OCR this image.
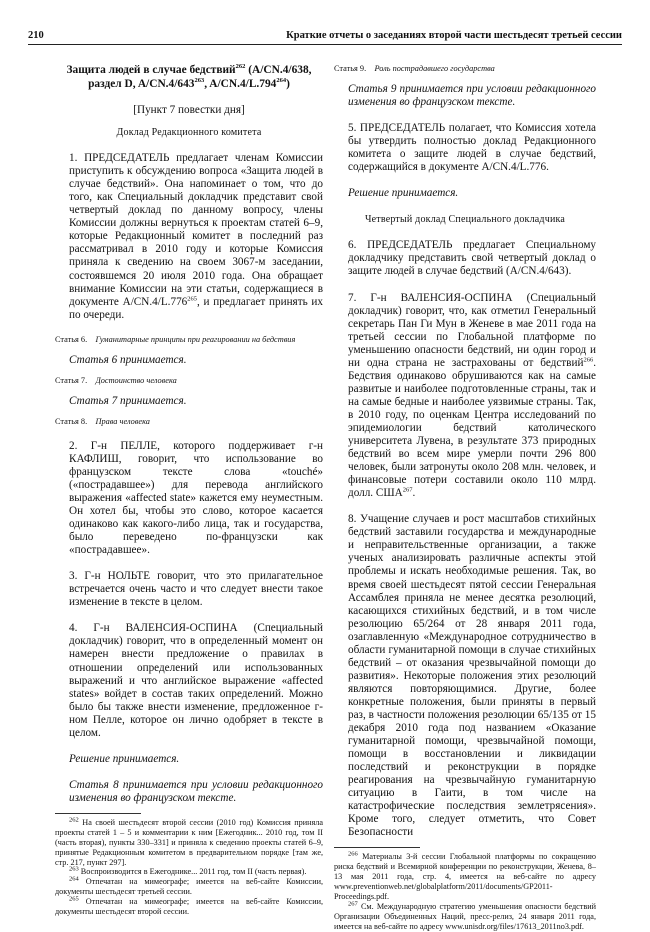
210	Краткие отчеты о заседаниях второй части шестьдесят третьей сессии

Защита людей в случае бедствий$^{262}$ (A/CN.4/638,
раздел D, $A/CN.4/643^{263}$, A/CN.4/L.794$^{264}$)

[Пункт 7 повестки дня]

Доклад Редакционного комитета

1. ПРЕДСЕДАТЕЛЬ предлагает членам Комиссии приступить к обсуждению вопроса «Защита людей в случае бедствий». Она напоминает о том, что до того, как Специальный докладчик представит свой четвертый доклад по данному вопросу, члены Комиссии должны вернуться к проектам статей 6–9, которые Редакционный комитет в последний раз рассматривал в 2010 году и которые Комиссия приняла к сведению на своем 3067-м заседании, состоявшемся 20 июля 2010 года. Она обращает внимание Комиссии на эти статьи, содержащиеся в документе A/CN.4/L.776$^{265}$, и предлагает принять их по очереди.

Статья 6. Гуманитарные принципы при реагировании на бедствия

Статья 6 принимается.

Статья 7. Достоинство человека

Статья 7 принимается.

Статья 8. Права человека

2. Г-н ПЕЛЛЕ, которого поддерживает г-н КАФЛИШ, говорит, что использование во французском тексте слова «touché» («пострадавшее») для перевода английского выражения «affected state» кажется ему неуместным. Он хотел бы, чтобы это слово, которое касается одинаково как какого-либо лица, так и государства, было переведено по-французски как «пострадавшее».

3. Г-н НОЛЬТЕ говорит, что это прилагательное встречается очень часто и что следует внести такое изменение в тексте в целом.

4. Г-н ВАЛЕНСИЯ-ОСПИНА (Специальный докладчик) говорит, что в определенный момент он намерен внести предложение о правилах в отношении определений или использованных выражений и что английское выражение «affected states» войдет в состав таких определений. Можно было бы также внести изменение, предложенное г-ном Пелле, которое он лично одобряет в тексте в целом.

Решение принимается.

Статья 8 принимается при условии редакционного изменения во французском тексте.

$^{262}$ На своей шестьдесят второй сессии (2010 год) Комиссия приняла проекты статей 1 – 5 и комментарии к ним [Ежегодник... 2010 год, том II (часть вторая), пункты 330–331] и приняла к сведению проекты статей 6–9, принятые Редакционным комитетом в предварительном порядке [там же, стр. 217, пункт 297].

$^{263}$ Воспроизводится в Ежегоднике... 2011 год, том II (часть первая).

$^{264}$ Отпечатан на мимеографе; имеется на веб-сайте Комиссии, документы шестьдесят третьей сессии.

$^{265}$ Отпечатан на мимеографе; имеется на веб-сайте Комиссии, документы шестьдесят второй сессии.

Статья 9. Роль пострадавшего государства

Статья 9 принимается при условии редакционного изменения во французском тексте.

5. ПРЕДСЕДАТЕЛЬ полагает, что Комиссия хотела бы утвердить полностью доклад Редакционного комитета о защите людей в случае бедствий, содержащийся в документе A/CN.4/L.776.

Решение принимается.

Четвертый доклад Специального докладчика

6. ПРЕДСЕДАТЕЛЬ предлагает Специальному докладчику представить свой четвертый доклад о защите людей в случае бедствий (A/CN.4/643).

7. Г-н ВАЛЕНСИЯ-ОСПИНА (Специальный докладчик) говорит, что, как отметил Генеральный секретарь Пан Ги Мун в Женеве в мае 2011 года на третьей сессии по Глобальной платформе по уменьшению опасности бедствий, ни один город и ни одна страна не застрахованы от бедствий$^{266}$. Бедствия одинаково обрушиваются как на самые развитые и наиболее подготовленные страны, так и на самые бедные и наиболее уязвимые страны. Так, в 2010 году, по оценкам Центра исследований по эпидемиологии бедствий католического университета Лувена, в результате 373 природных бедствий во всем мире умерли почти 296 800 человек, были затронуты около 208 млн. человек, и финансовые потери составили около 110 млрд. долл. США$^{267}$.

8. Учащение случаев и рост масштабов стихийных бедствий заставили государства и международные и неправительственные организации, а также ученых анализировать различные аспекты этой проблемы и искать необходимые решения. Так, во время своей шестьдесят пятой сессии Генеральная Ассамблея приняла не менее десятка резолюций, касающихся стихийных бедствий, и в том числе резолюцию 65/264 от 28 января 2011 года, озаглавленную «Международное сотрудничество в области гуманитарной помощи в случае стихийных бедствий – от оказания чрезвычайной помощи до развития». Некоторые положения этих резолюций являются повторяющимися. Другие, более конкретные положения, были приняты в первый раз, в частности положения резолюции 65/135 от 15 декабря 2010 года под названием «Оказание гуманитарной помощи, чрезвычайной помощи, помощи в восстановлении и ликвидации последствий и реконструкции в порядке реагирования на чрезвычайную гуманитарную ситуацию в Гаити, в том числе на катастрофические последствия землетрясения». Кроме того, следует отметить, что Совет Безопасности

$^{266}$ Материалы 3-й сессии Глобальной платформы по сокращению риска бедствий и Всемирной конференции по реконструкции, Женева, 8–13 мая 2011 года, стр. 4, имеется на веб-сайте по адресу www.preventionweb.net/globalplatform/2011/documents/GP2011-Proceedings.pdf.

$^{267}$ См. Международную стратегию уменьшения опасности бедствий Организации Объединенных Наций, пресс-релиз, 24 января 2011 года, имеется на веб-сайте по адресу www.unisdr.org/files/17613_2011no3.pdf.
